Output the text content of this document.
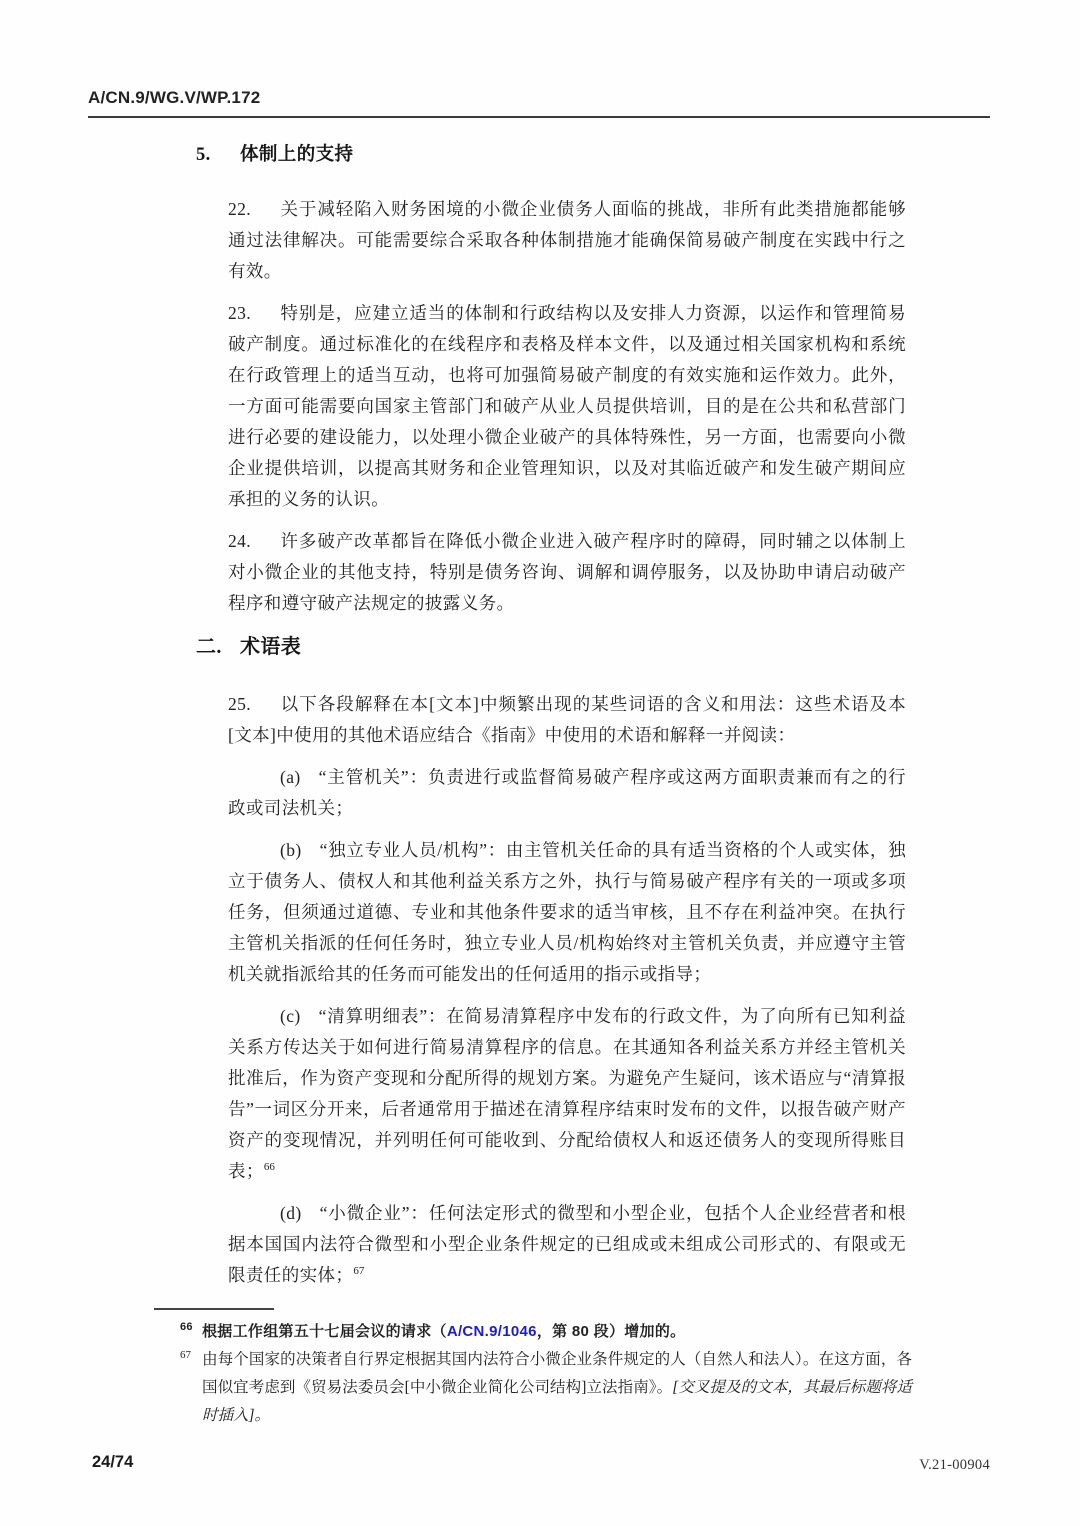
A/CN.9/WG.V/WP.172
5. 体制上的支持
22. 关于减轻陷入财务困境的小微企业债务人面临的挑战，非所有此类措施都能够通过法律解决。可能需要综合采取各种体制措施才能确保简易破产制度在实践中行之有效。
23. 特别是，应建立适当的体制和行政结构以及安排人力资源，以运作和管理简易破产制度。通过标准化的在线程序和表格及样本文件，以及通过相关国家机构和系统在行政管理上的适当互动，也将可加强简易破产制度的有效实施和运作效力。此外，一方面可能需要向国家主管部门和破产从业人员提供培训，目的是在公共和私营部门进行必要的建设能力，以处理小微企业破产的具体特殊性，另一方面，也需要向小微企业提供培训，以提高其财务和企业管理知识，以及对其临近破产和发生破产期间应承担的义务的认识。
24. 许多破产改革都旨在降低小微企业进入破产程序时的障碍，同时辅之以体制上对小微企业的其他支持，特别是债务咨询、调解和调停服务，以及协助申请启动破产程序和遵守破产法规定的披露义务。
二. 术语表
25. 以下各段解释在本[文本]中频繁出现的某些词语的含义和用法：这些术语及本[文本]中使用的其他术语应结合《指南》中使用的术语和解释一并阅读：
(a) “主管机关”：负责进行或监督简易破产程序或这两方面职责兼而有之的行政或司法机关；
(b) “独立专业人员/机构”：由主管机关任命的具有适当资格的个人或实体，独立于债务人、债权人和其他利益关系方之外，执行与简易破产程序有关的一项或多项任务，但须通过道德、专业和其他条件要求的适当审核，且不存在利益冲突。在执行主管机关指派的任何任务时，独立专业人员/机构始终对主管机关负责，并应遵守主管机关就指派给其的任务而可能发出的任何适用的指示或指导；
(c) “清算明细表”：在简易清算程序中发布的行政文件，为了向所有已知利益关系方传达关于如何进行简易清算程序的信息。在其通知各利益关系方并经主管机关批准后，作为资产变现和分配所得的规划方案。为避免产生疑问，该术语应与“清算报告”一词区分开来，后者通常用于描述在清算程序结束时发布的文件，以报告破产财产资产的变现情况，并列明任何可能收到、分配给债权人和返还债务人的变现所得账目表；$^{66}$
(d) “小微企业”：任何法定形式的微型和小型企业，包括个人企业经营者和根据本国国内法符合微型和小型企业条件规定的已组成或未组成公司形式的、有限或无限责任的实体；$^{67}$
66 根据工作组第五十七届会议的请求（A/CN.9/1046，第 80 段）增加的。
67 由每个国家的决策者自行界定根据其国内法符合小微企业条件规定的人（自然人和法人）。在这方面，各国似宜考虑到《贸易法委员会[中小微企业简化公司结构]立法指南》。[交叉提及的文本，其最后标题将适时插入]。
24/74	V.21-00904
